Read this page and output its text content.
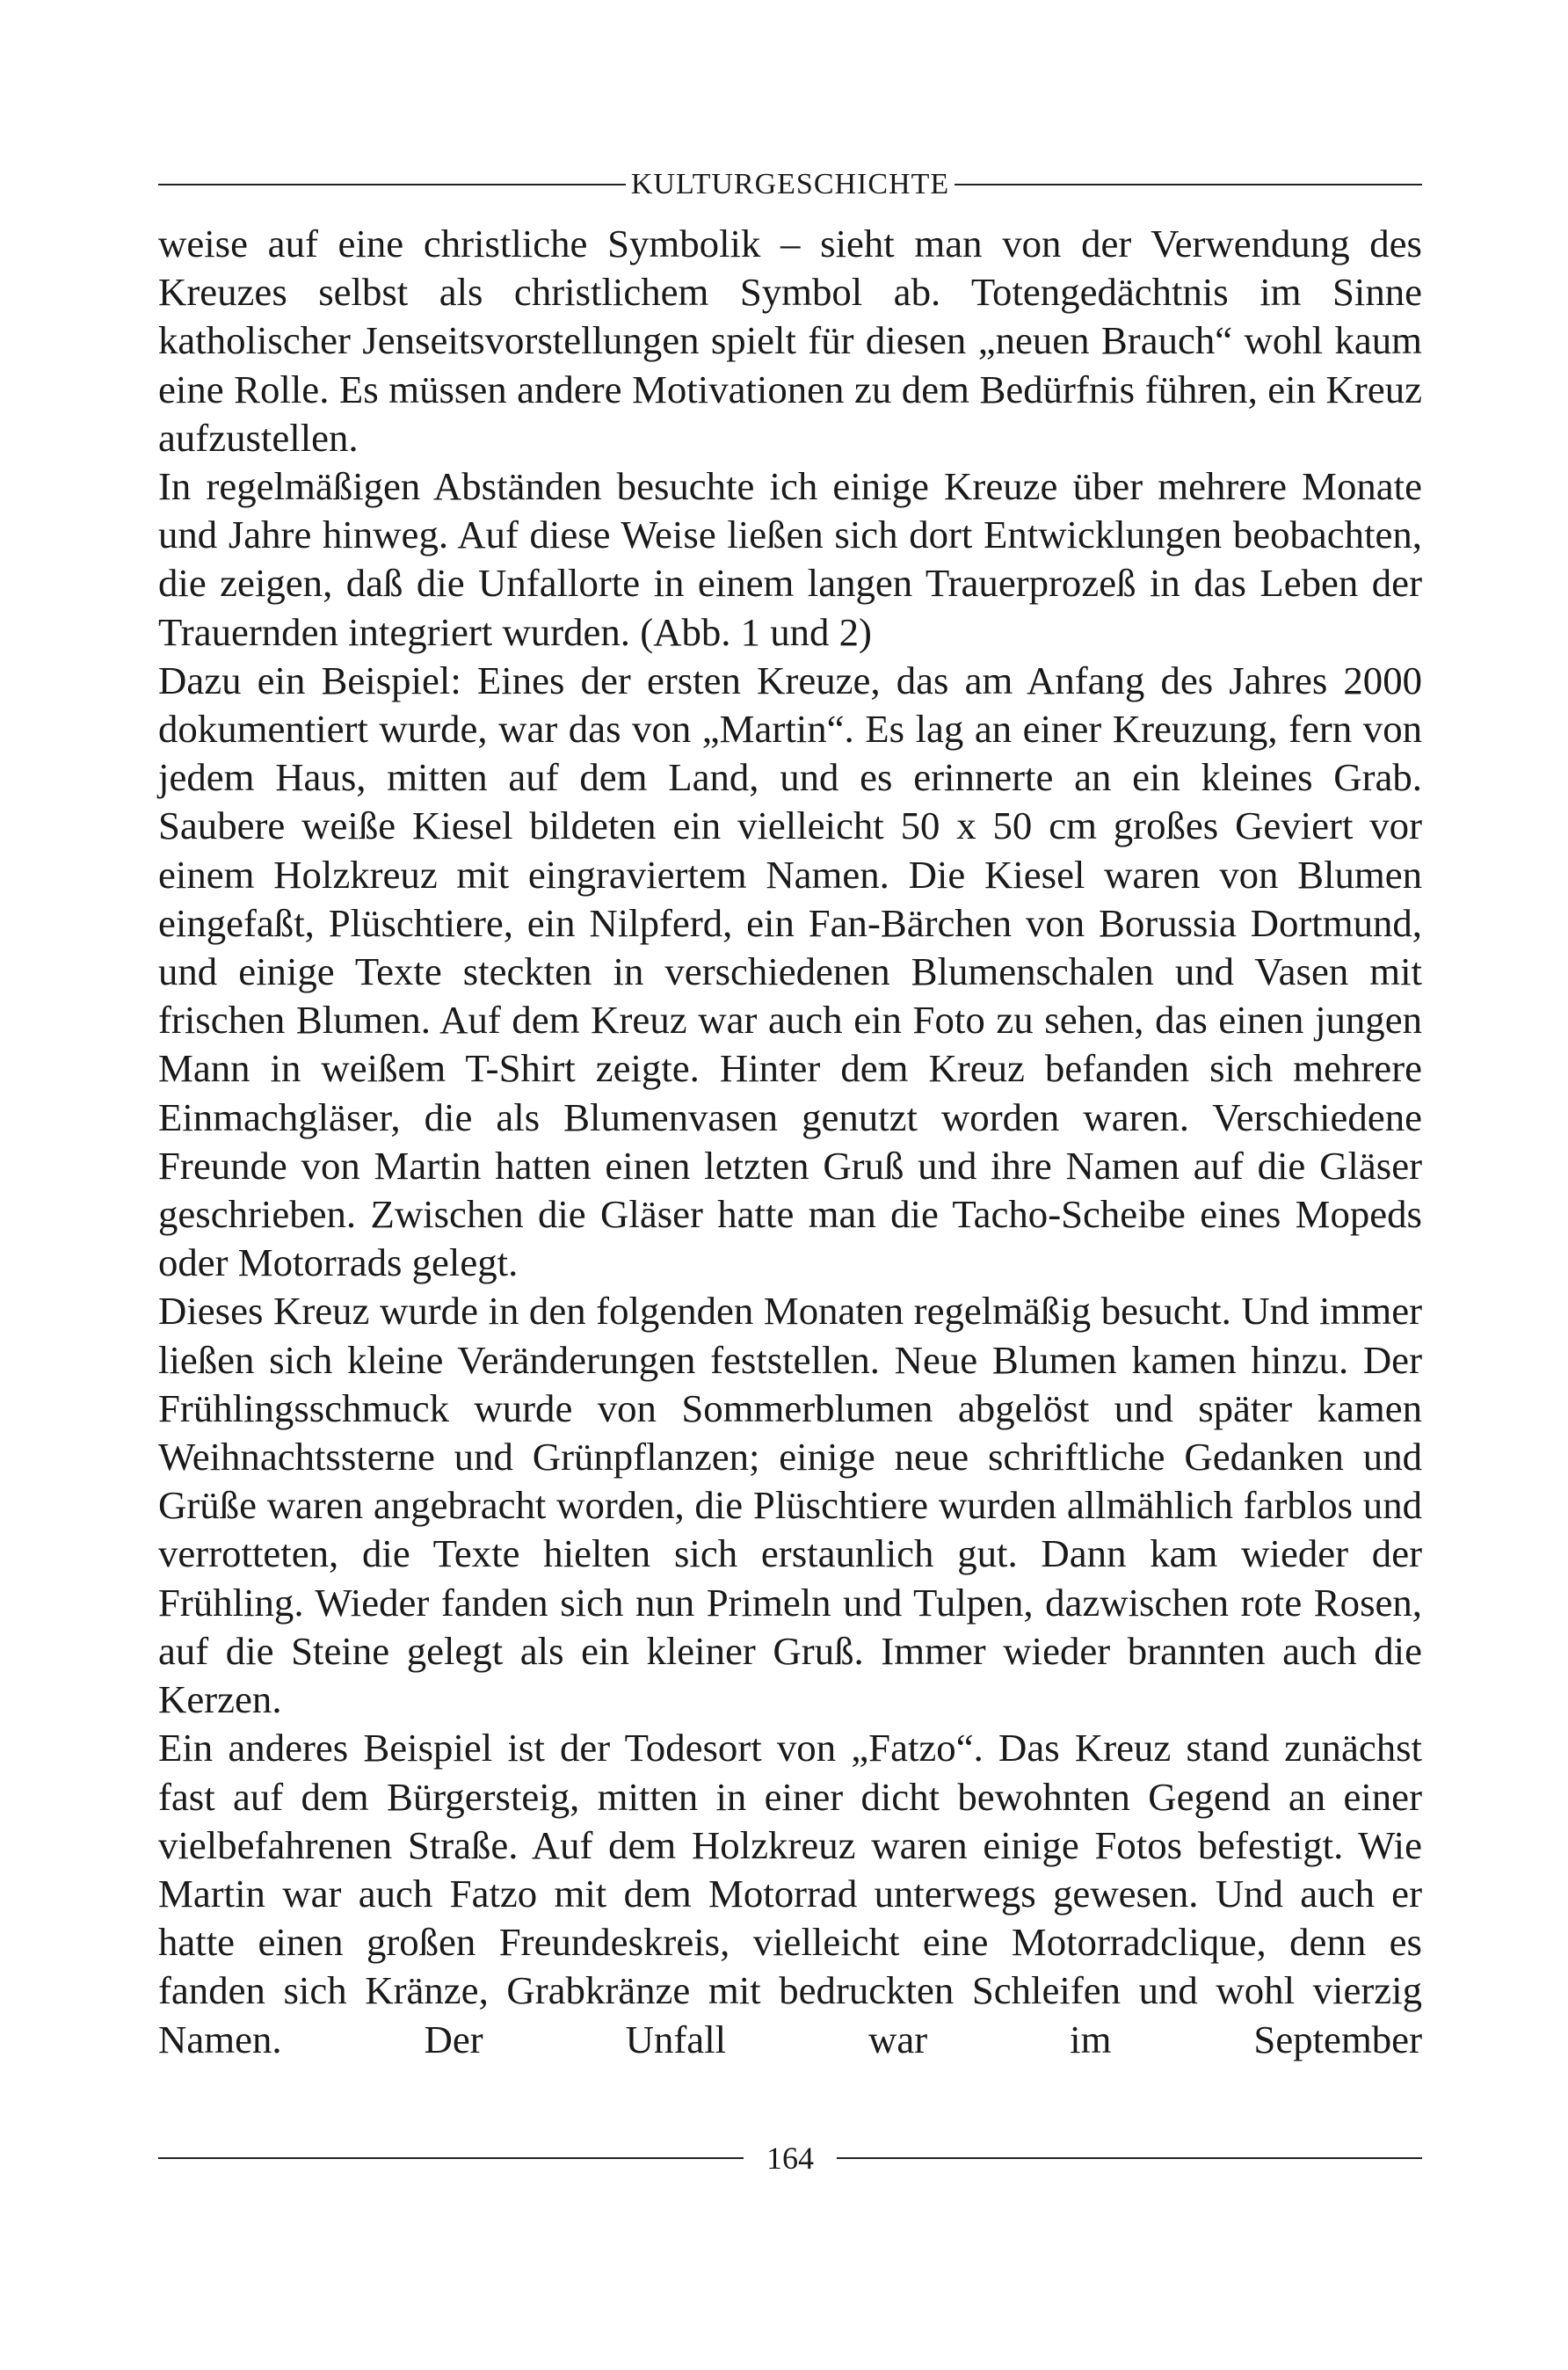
KULTURGESCHICHTE

weise auf eine christliche Symbolik – sieht man von der Verwendung des Kreuzes selbst als christlichem Symbol ab. Totengedächtnis im Sinne katholischer Jenseitsvorstellungen spielt für diesen „neuen Brauch“ wohl kaum eine Rolle. Es müssen andere Motivationen zu dem Bedürfnis führen, ein Kreuz aufzustellen.

In regelmäßigen Abständen besuchte ich einige Kreuze über mehrere Monate und Jahre hinweg. Auf diese Weise ließen sich dort Entwicklungen beobachten, die zeigen, daß die Unfallorte in einem langen Trauerprozeß in das Leben der Trauernden integriert wurden. (Abb. 1 und 2)

Dazu ein Beispiel: Eines der ersten Kreuze, das am Anfang des Jahres 2000 dokumentiert wurde, war das von „Martin“. Es lag an einer Kreuzung, fern von jedem Haus, mitten auf dem Land, und es erinnerte an ein kleines Grab. Saubere weiße Kiesel bildeten ein vielleicht 50 x 50 cm großes Geviert vor einem Holzkreuz mit eingraviertem Namen. Die Kiesel waren von Blumen eingefaßt, Plüschtiere, ein Nilpferd, ein Fan-Bärchen von Borussia Dortmund, und einige Texte steckten in verschiedenen Blumenschalen und Vasen mit frischen Blumen. Auf dem Kreuz war auch ein Foto zu sehen, das einen jungen Mann in weißem T-Shirt zeigte. Hinter dem Kreuz befanden sich mehrere Einmachgläser, die als Blumenvasen genutzt worden waren. Verschiedene Freunde von Martin hatten einen letzten Gruß und ihre Namen auf die Gläser geschrieben. Zwischen die Gläser hatte man die Tacho-Scheibe eines Mopeds oder Motorrads gelegt.

Dieses Kreuz wurde in den folgenden Monaten regelmäßig besucht. Und immer ließen sich kleine Veränderungen feststellen. Neue Blumen kamen hinzu. Der Frühlingsschmuck wurde von Sommerblumen abgelöst und später kamen Weihnachtssterne und Grünpflanzen; einige neue schriftliche Gedanken und Grüße waren angebracht worden, die Plüschtiere wurden allmählich farblos und verrotteten, die Texte hielten sich erstaunlich gut. Dann kam wieder der Frühling. Wieder fanden sich nun Primeln und Tulpen, dazwischen rote Rosen, auf die Steine gelegt als ein kleiner Gruß. Immer wieder brannten auch die Kerzen.

Ein anderes Beispiel ist der Todesort von „Fatzo“. Das Kreuz stand zunächst fast auf dem Bürgersteig, mitten in einer dicht bewohnten Gegend an einer vielbefahrenen Straße. Auf dem Holzkreuz waren einige Fotos befestigt. Wie Martin war auch Fatzo mit dem Motorrad unterwegs gewesen. Und auch er hatte einen großen Freundeskreis, vielleicht eine Motorradclique, denn es fanden sich Kränze, Grabkränze mit bedruckten Schleifen und wohl vierzig Namen. Der Unfall war im September

164
